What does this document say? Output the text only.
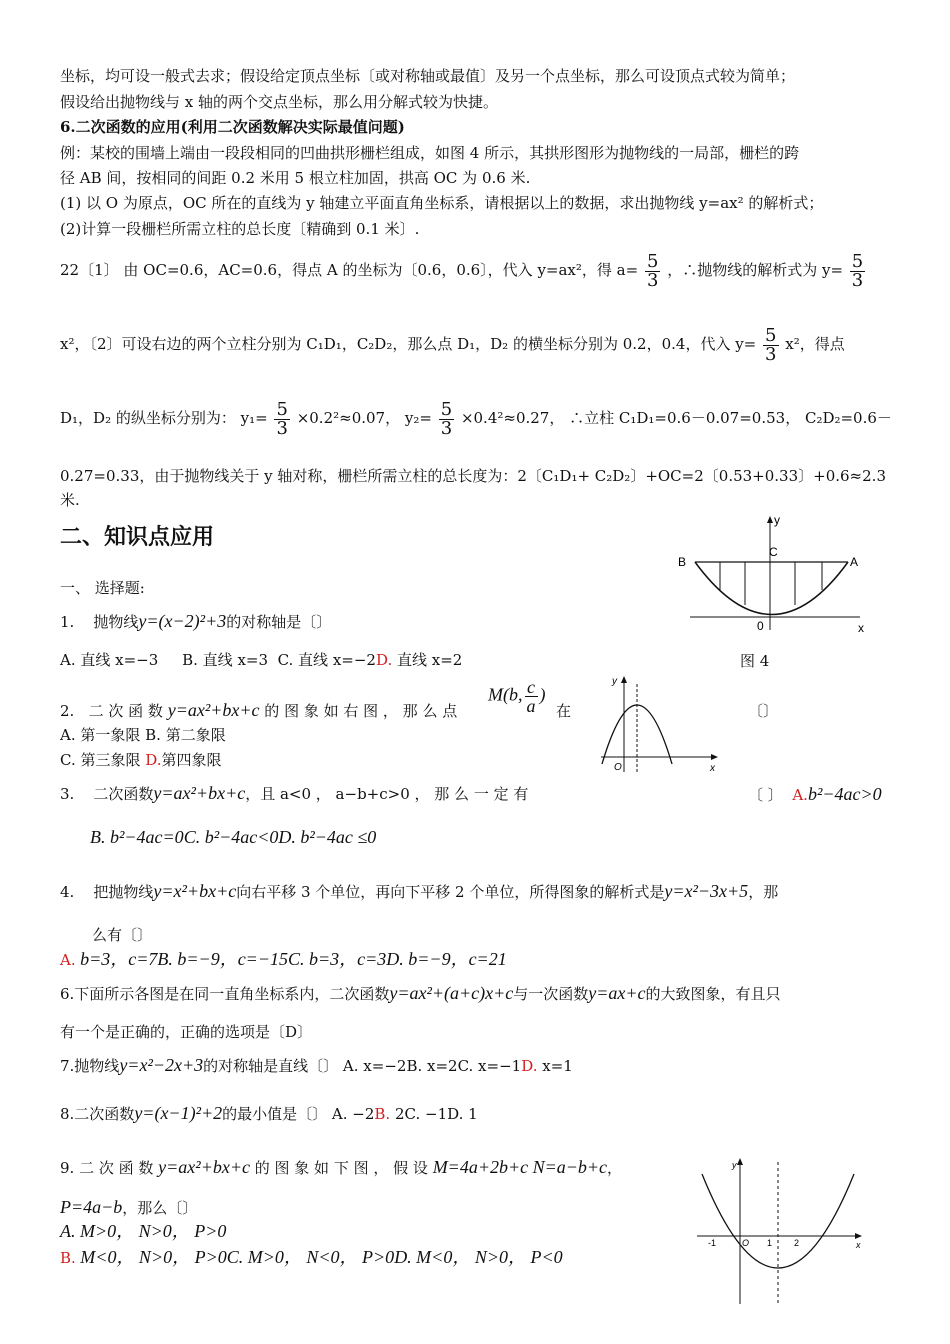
坐标，均可设一般式去求；假设给定顶点坐标〔或对称轴或最值〕及另一个点坐标，那么可设顶点式较为简单；
假设给出抛物线与 x 轴的两个交点坐标，那么用分解式较为快捷。
6.二次函数的应用(利用二次函数解决实际最值问题)
例：某校的围墙上端由一段段相同的凹曲拱形栅栏组成，如图 4 所示，其拱形图形为抛物线的一局部，栅栏的跨
径 AB 间，按相同的间距 0.2 米用 5 根立柱加固，拱高 OC 为 0.6 米.
(1) 以 O 为原点，OC 所在的直线为 y 轴建立平面直角坐标系，请根据以上的数据，求出抛物线 y=ax² 的解析式；
(2)计算一段栅栏所需立柱的总长度〔精确到 0.1 米〕.
22〔1〕 由 OC=0.6，AC=0.6，得点 A 的坐标为〔0.6，0.6〕，代入 y=ax²，得 $a= \frac{5}{3}$ ，∴抛物线的解析式为 $y= \frac{5}{3}$
x²，〔2〕可设右边的两个立柱分别为 C₁D₁，C₂D₂，那么点 D₁，D₂ 的横坐标分别为 0.2，0.4，代入 $y= \frac{5}{3} x^2$，得点
D₁，D₂ 的纵坐标分别为： $y_1= \frac{5}{3} \times 0.2^2\approx 0.07$， $y_2= \frac{5}{3} \times 0.4^2\approx 0.27$， ∴立柱 C₁D₁=0.6－0.07=0.53， C₂D₂=0.6－
0.27=0.33，由于抛物线关于 y 轴对称，栅栏所需立柱的总长度为：2〔C₁D₁+ C₂D₂〕+OC=2〔0.53+0.33〕+0.6≈2.3
米.
二、知识点应用
一、 选择题:
y
B	A
C
0	x
图 4
1. 抛物线y=(x−2)²+3的对称轴是〔〕
A. 直线 x=−3 B. 直线 x=3 C. 直线 x=−2D. 直线 x=2
2. 二 次 函 数 y=ax²+bx+c 的 图 象 如 右 图 ， 那 么 点
M(b, $\frac{c}{a}$ )
在	〔〕
A. 第一象限 B. 第二象限
C. 第三象限 D.第四象限
y
x
O
3. 二次函数y=ax²+bx+c，且 a<0 ， a−b+c>0 ， 那 么 一 定 有	〔 〕 A.b²−4ac>0
B. b²−4ac=0C. b²−4ac<0D. b²−4ac ≤0
4. 把抛物线y=x²+bx+c向右平移 3 个单位，再向下平移 2 个单位，所得图象的解析式是y=x²−3x+5，那
么有〔〕
A. b=3，c=7B. b=−9，c=−15C. b=3，c=3D. b=−9，c=21
6.下面所示各图是在同一直角坐标系内，二次函数y=ax²+(a+c)x+c与一次函数y=ax+c的大致图象，有且只
有一个是正确的，正确的选项是〔D〕
7.抛物线y=x²−2x+3的对称轴是直线〔〕 A. x=−2B. x=2C. x=−1D. x=1
8.二次函数y=(x−1)²+2的最小值是〔〕 A. −2B. 2C. −1D. 1
9. 二 次 函 数 y=ax²+bx+c 的 图 象 如 下 图 ， 假 设 M=4a+2b+c N=a−b+c，
P=4a−b，那么〔〕
A. M>0， N>0， P>0
B. M<0， N>0， P>0C. M>0， N<0， P>0D. M<0， N>0， P<0
y
x
O
-1	1 2
